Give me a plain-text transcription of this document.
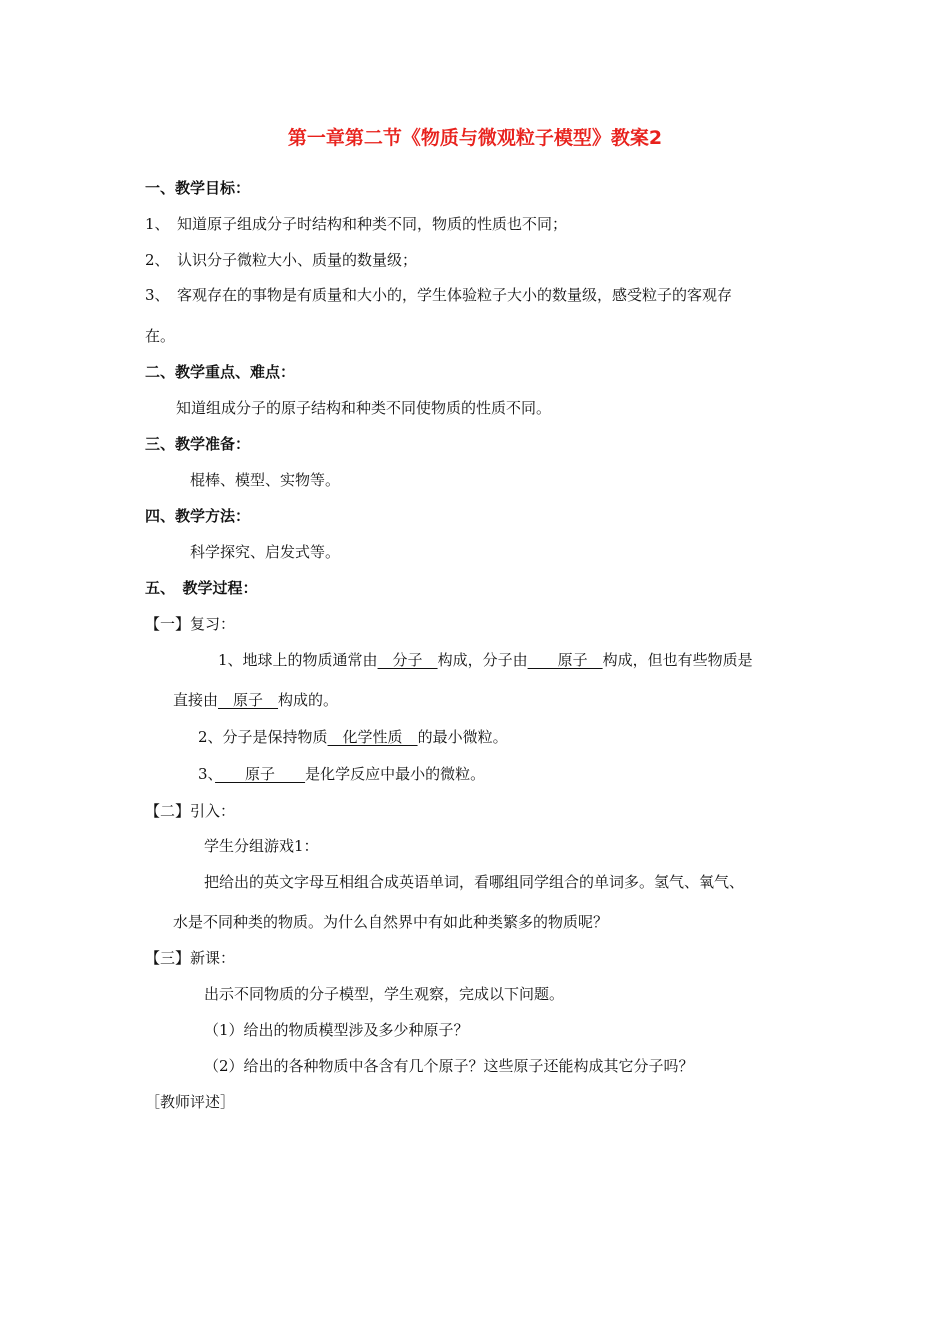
第一章第二节《物质与微观粒子模型》教案2
一、教学目标：
1、　知道原子组成分子时结构和种类不同，物质的性质也不同；
2、　认识分子微粒大小、质量的数量级；
3、　客观存在的事物是有质量和大小的，学生体验粒子大小的数量级，感受粒子的客观存
在。
二、教学重点、难点：
知道组成分子的原子结构和种类不同使物质的性质不同。
三、教学准备：
棍棒、模型、实物等。
四、教学方法：
科学探究、启发式等。
五、　教学过程：
【一】复习：
1、地球上的物质通常由　分子　构成，分子由　　原子　构成，但也有些物质是
直接由　原子　构成的。
2、分子是保持物质　化学性质　的最小微粒。
3、　　原子　　是化学反应中最小的微粒。
【二】引入：
学生分组游戏1：
把给出的英文字母互相组合成英语单词，看哪组同学组合的单词多。氢气、氧气、
水是不同种类的物质。为什么自然界中有如此种类繁多的物质呢？
【三】新课：
出示不同物质的分子模型，学生观察，完成以下问题。
（1）给出的物质模型涉及多少种原子？
（2）给出的各种物质中各含有几个原子？这些原子还能构成其它分子吗？
［教师评述］
